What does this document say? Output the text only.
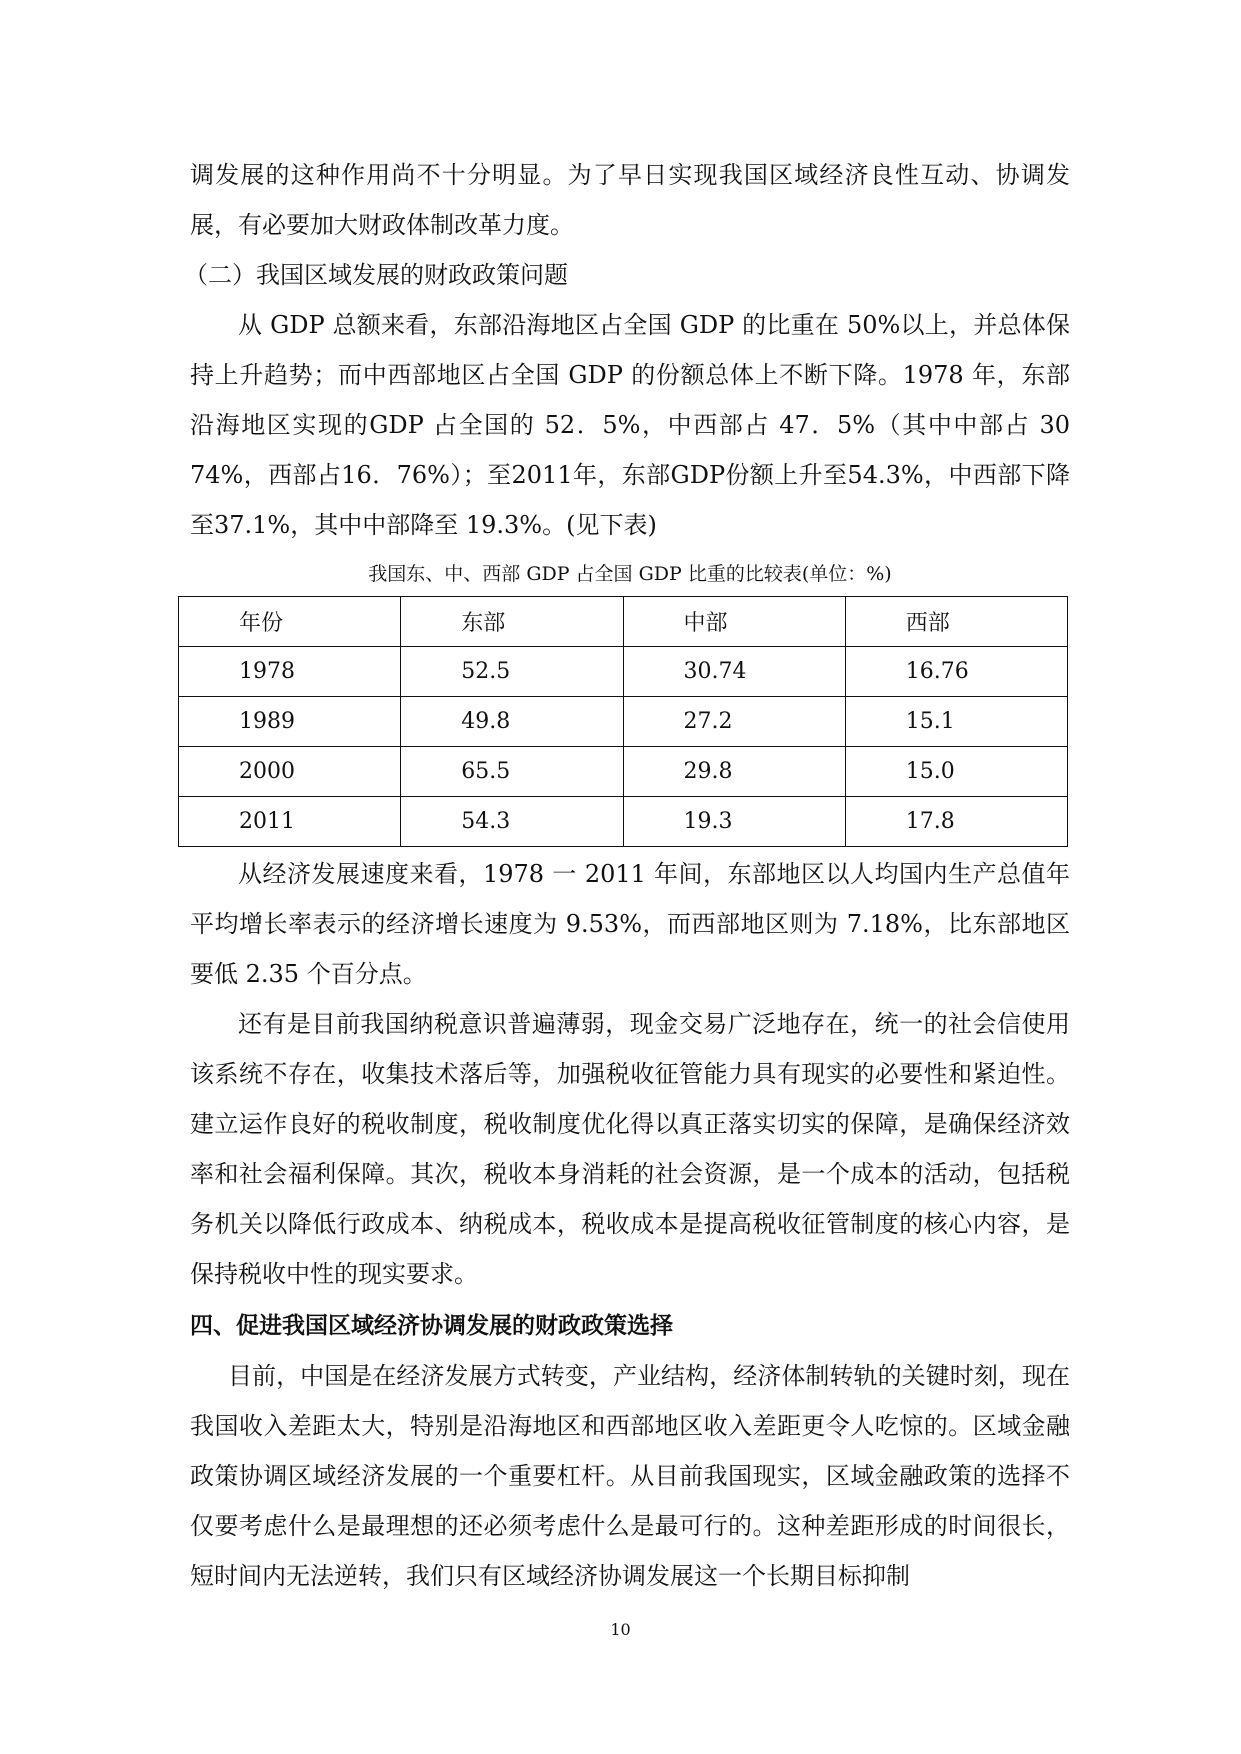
调发展的这种作用尚不十分明显。为了早日实现我国区域经济良性互动、协调发展，有必要加大财政体制改革力度。

（二）我国区域发展的财政政策问题

从 GDP 总额来看，东部沿海地区占全国 GDP 的比重在 50%以上，并总体保持上升趋势；而中西部地区占全国 GDP 的份额总体上不断下降。1978 年，东部沿海地区实现的GDP 占全国的 52．5%，中西部占 47．5%（其中中部占 30 74%，西部占16．76%）；至2011年，东部GDP份额上升至54.3%，中西部下降至37.1%，其中中部降至 19.3%。(见下表)

我国东、中、西部 GDP 占全国 GDP 比重的比较表(单位：%)
年份	东部	中部	西部
1978	52.5	30.74	16.76
1989	49.8	27.2	15.1
2000	65.5	29.8	15.0
2011	54.3	19.3	17.8

从经济发展速度来看，1978 一 2011 年间，东部地区以人均国内生产总值年平均增长率表示的经济增长速度为 9.53%，而西部地区则为 7.18%，比东部地区要低 2.35 个百分点。

还有是目前我国纳税意识普遍薄弱，现金交易广泛地存在，统一的社会信使用该系统不存在，收集技术落后等，加强税收征管能力具有现实的必要性和紧迫性。建立运作良好的税收制度，税收制度优化得以真正落实切实的保障，是确保经济效率和社会福利保障。其次，税收本身消耗的社会资源，是一个成本的活动，包括税务机关以降低行政成本、纳税成本，税收成本是提高税收征管制度的核心内容，是保持税收中性的现实要求。

四、促进我国区域经济协调发展的财政政策选择

目前，中国是在经济发展方式转变，产业结构，经济体制转轨的关键时刻，现在我国收入差距太大，特别是沿海地区和西部地区收入差距更令人吃惊的。区域金融政策协调区域经济发展的一个重要杠杆。从目前我国现实，区域金融政策的选择不仅要考虑什么是最理想的还必须考虑什么是最可行的。这种差距形成的时间很长，短时间内无法逆转，我们只有区域经济协调发展这一个长期目标抑制

10
